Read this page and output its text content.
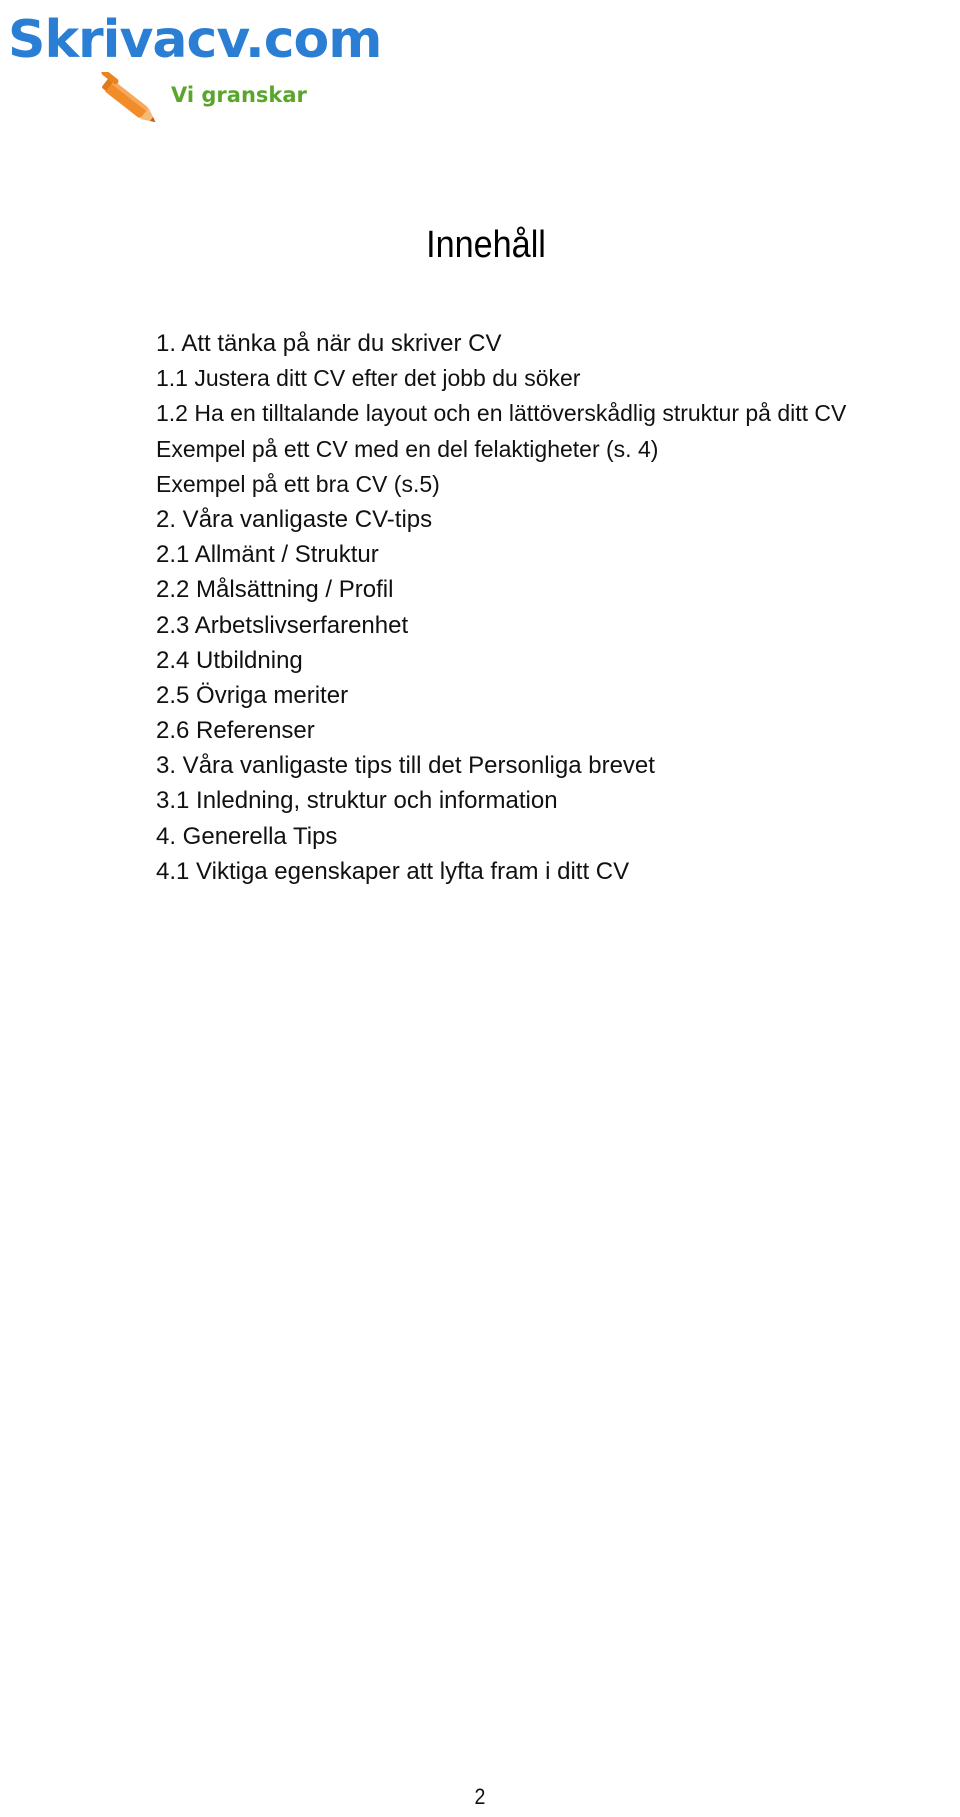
Skrivacv.com
Vi granskar
Innehåll
1. Att tänka på när du skriver CV
1.1 Justera ditt CV efter det jobb du söker
1.2 Ha en tilltalande layout och en lättöverskådlig struktur på ditt CV
Exempel på ett CV med en del felaktigheter (s. 4)
Exempel på ett bra CV (s.5)
2. Våra vanligaste CV-tips
2.1 Allmänt / Struktur
2.2 Målsättning / Profil
2.3 Arbetslivserfarenhet
2.4 Utbildning
2.5 Övriga meriter
2.6 Referenser
3. Våra vanligaste tips till det Personliga brevet
3.1 Inledning, struktur och information
4. Generella Tips
4.1 Viktiga egenskaper att lyfta fram i ditt CV
2
